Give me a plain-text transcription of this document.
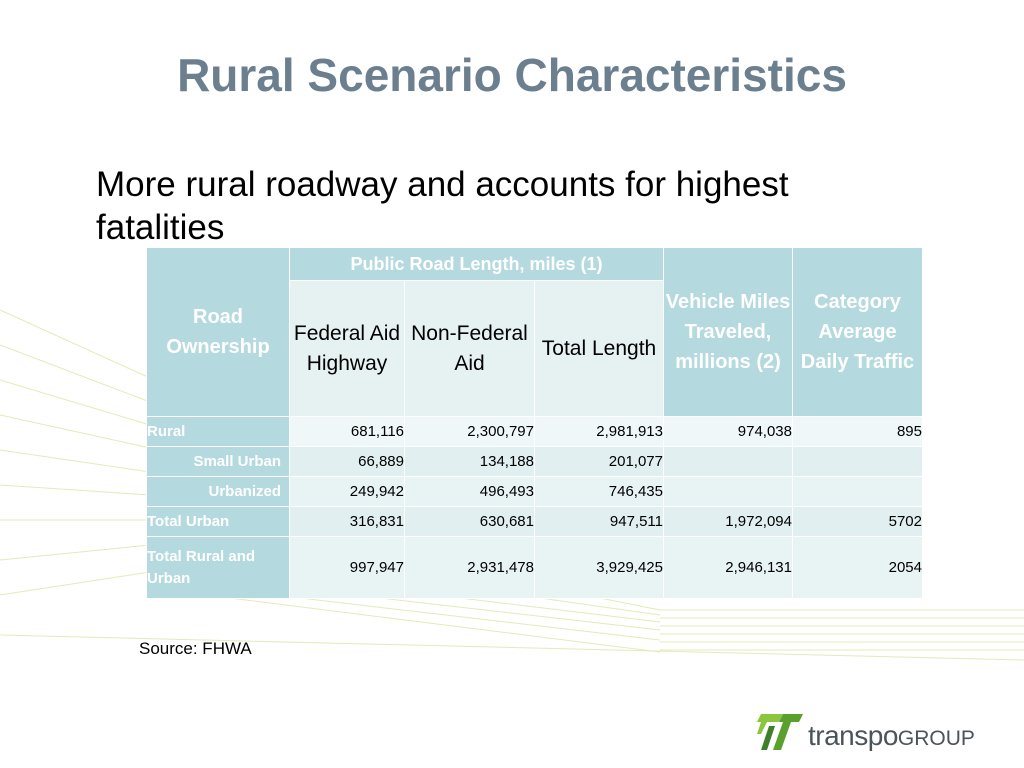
Rural Scenario Characteristics
More rural roadway and accounts for highest fatalities
Road Ownership	Public Road Length, miles (1)			Vehicle Miles Traveled, millions (2)	Category Average Daily Traffic
	Federal Aid Highway	Non-Federal Aid	Total Length		
Rural	681,116	2,300,797	2,981,913	974,038	895
Small Urban	66,889	134,188	201,077		
Urbanized	249,942	496,493	746,435		
Total Urban	316,831	630,681	947,511	1,972,094	5702
Total Rural and Urban	997,947	2,931,478	3,929,425	2,946,131	2054
Source: FHWA
transpoGROUP
